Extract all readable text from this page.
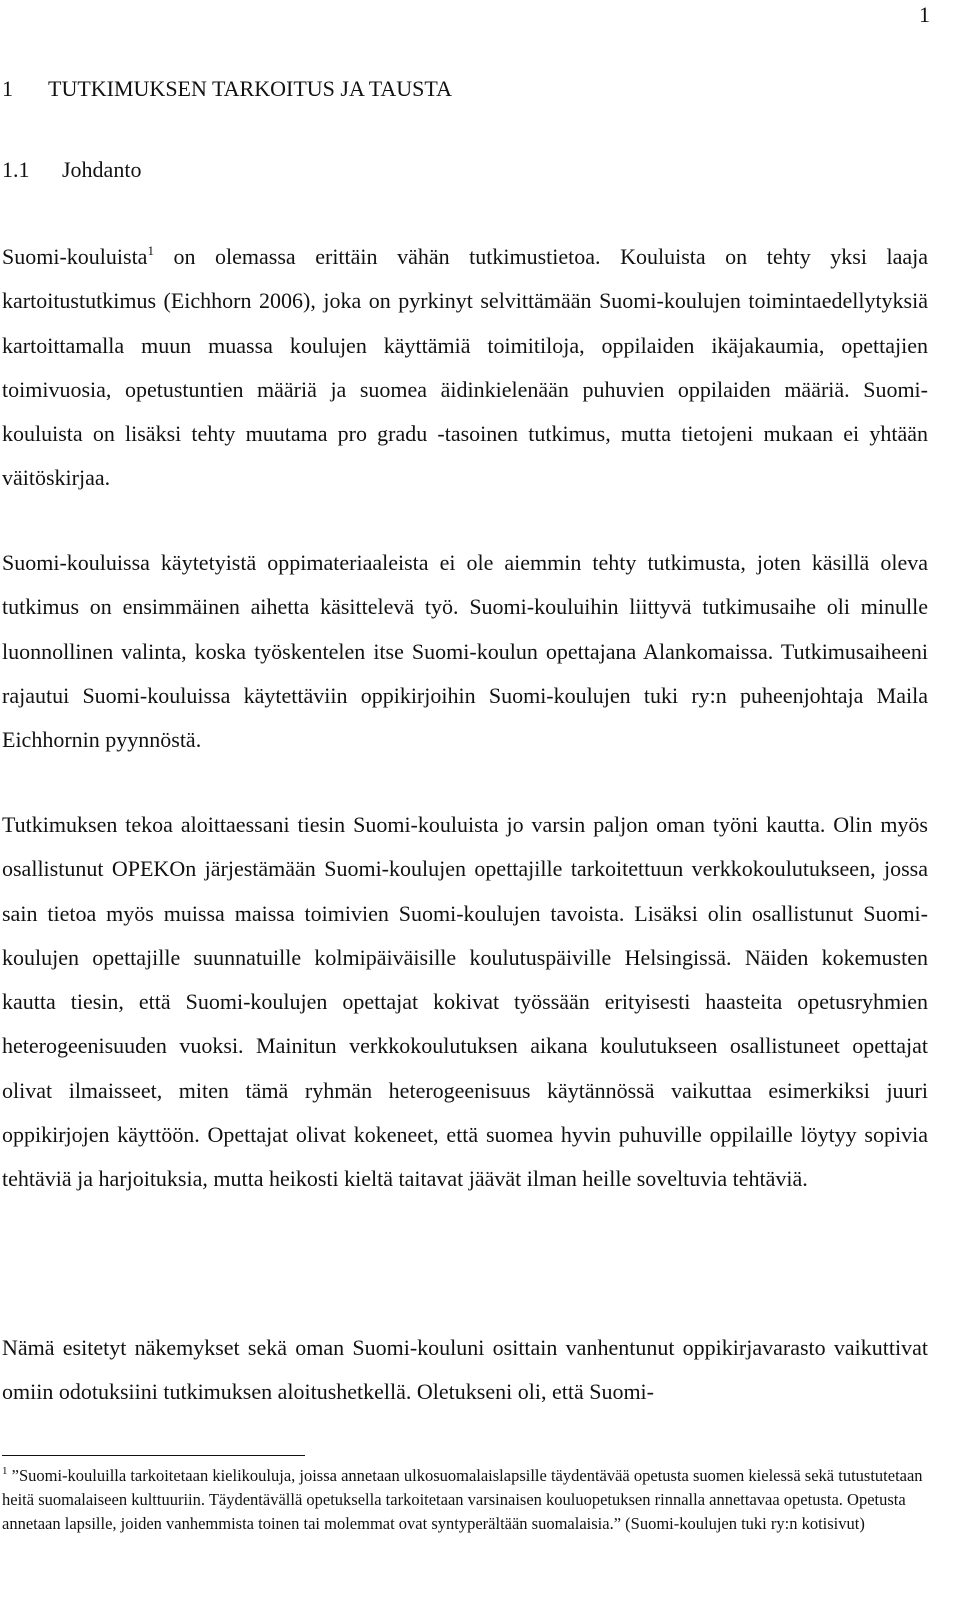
1
1 TUTKIMUKSEN TARKOITUS JA TAUSTA
1.1 Johdanto

Suomi-kouluista$^1$ on olemassa erittäin vähän tutkimustietoa. Kouluista on tehty yksi laaja kartoitustutkimus (Eichhorn 2006), joka on pyrkinyt selvittämään Suomi-koulujen toimintaedellytyksiä kartoittamalla muun muassa koulujen käyttämiä toimitiloja, oppilaiden ikäjakaumia, opettajien toimivuosia, opetustuntien määriä ja suomea äidinkielenään puhuvien oppilaiden määriä. Suomi-kouluista on lisäksi tehty muutama pro gradu -tasoinen tutkimus, mutta tietojeni mukaan ei yhtään väitöskirjaa.

Suomi-kouluissa käytetyistä oppimateriaaleista ei ole aiemmin tehty tutkimusta, joten käsillä oleva tutkimus on ensimmäinen aihetta käsittelevä työ. Suomi-kouluihin liittyvä tutkimusaihe oli minulle luonnollinen valinta, koska työskentelen itse Suomi-koulun opettajana Alankomaissa. Tutkimusaiheeni rajautui Suomi-kouluissa käytettäviin oppikirjoihin Suomi-koulujen tuki ry:n puheenjohtaja Maila Eichhornin pyynnöstä.

Tutkimuksen tekoa aloittaessani tiesin Suomi-kouluista jo varsin paljon oman työni kautta. Olin myös osallistunut OPEKOn järjestämään Suomi-koulujen opettajille tarkoitettuun verkkokoulutukseen, jossa sain tietoa myös muissa maissa toimivien Suomi-koulujen tavoista. Lisäksi olin osallistunut Suomi-koulujen opettajille suunnatuille kolmipäiväisille koulutuspäiville Helsingissä. Näiden kokemusten kautta tiesin, että Suomi-koulujen opettajat kokivat työssään erityisesti haasteita opetusryhmien heterogeenisuuden vuoksi. Mainitun verkkokoulutuksen aikana koulutukseen osallistuneet opettajat olivat ilmaisseet, miten tämä ryhmän heterogeenisuus käytännössä vaikuttaa esimerkiksi juuri oppikirjojen käyttöön. Opettajat olivat kokeneet, että suomea hyvin puhuville oppilaille löytyy sopivia tehtäviä ja harjoituksia, mutta heikosti kieltä taitavat jäävät ilman heille soveltuvia tehtäviä.

Nämä esitetyt näkemykset sekä oman Suomi-kouluni osittain vanhentunut oppikirjavarasto vaikuttivat omiin odotuksiini tutkimuksen aloitushetkellä. Oletukseni oli, että Suomi-

$^1$ ”Suomi-kouluilla tarkoitetaan kielikouluja, joissa annetaan ulkosuomalaislapsille täydentävää opetusta suomen kielessä sekä tutustutetaan heitä suomalaiseen kulttuuriin. Täydentävällä opetuksella tarkoitetaan varsinaisen kouluopetuksen rinnalla annettavaa opetusta. Opetusta annetaan lapsille, joiden vanhemmista toinen tai molemmat ovat syntyperältään suomalaisia.” (Suomi-koulujen tuki ry:n kotisivut)
